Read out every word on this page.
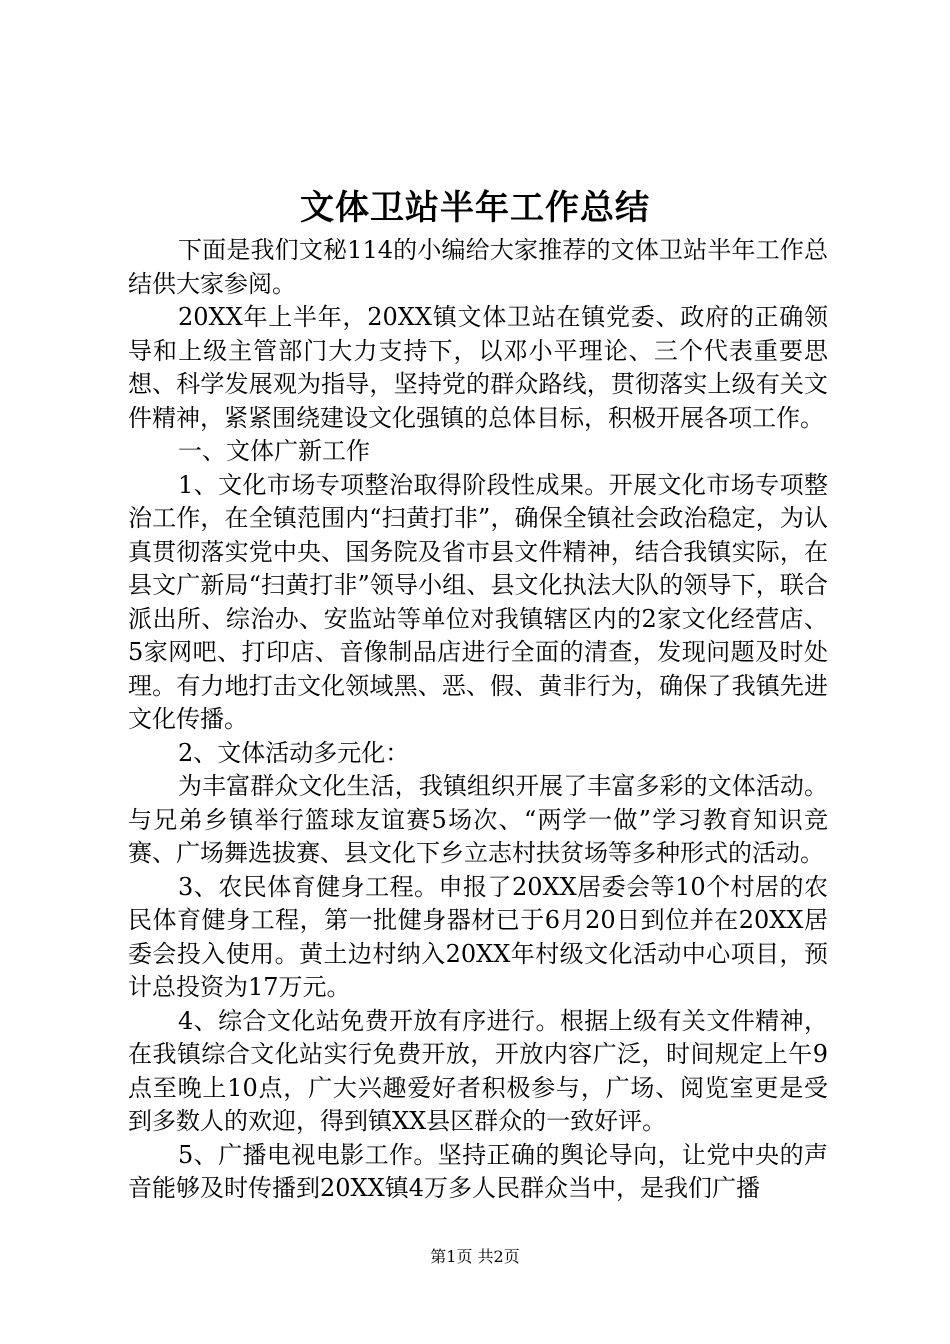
文体卫站半年工作总结

下面是我们文秘114的小编给大家推荐的文体卫站半年工作总结供大家参阅。

20XX年上半年，20XX镇文体卫站在镇党委、政府的正确领导和上级主管部门大力支持下，以邓小平理论、三个代表重要思想、科学发展观为指导，坚持党的群众路线，贯彻落实上级有关文件精神，紧紧围绕建设文化强镇的总体目标，积极开展各项工作。

一、文体广新工作

1、文化市场专项整治取得阶段性成果。开展文化市场专项整治工作，在全镇范围内“扫黄打非”，确保全镇社会政治稳定，为认真贯彻落实党中央、国务院及省市县文件精神，结合我镇实际，在县文广新局“扫黄打非”领导小组、县文化执法大队的领导下，联合派出所、综治办、安监站等单位对我镇辖区内的2家文化经营店、5家网吧、打印店、音像制品店进行全面的清查，发现问题及时处理。有力地打击文化领域黑、恶、假、黄非行为，确保了我镇先进文化传播。

2、文体活动多元化：

为丰富群众文化生活，我镇组织开展了丰富多彩的文体活动。与兄弟乡镇举行篮球友谊赛5场次、“两学一做”学习教育知识竞赛、广场舞选拔赛、县文化下乡立志村扶贫场等多种形式的活动。

3、农民体育健身工程。申报了20XX居委会等10个村居的农民体育健身工程，第一批健身器材已于6月20日到位并在20XX居委会投入使用。黄土边村纳入20XX年村级文化活动中心项目，预计总投资为17万元。

4、综合文化站免费开放有序进行。根据上级有关文件精神，在我镇综合文化站实行免费开放，开放内容广泛，时间规定上午9点至晚上10点，广大兴趣爱好者积极参与，广场、阅览室更是受到多数人的欢迎，得到镇XX县区群众的一致好评。

5、广播电视电影工作。坚持正确的舆论导向，让党中央的声音能够及时传播到20XX镇4万多人民群众当中，是我们广播

第1页 共2页
